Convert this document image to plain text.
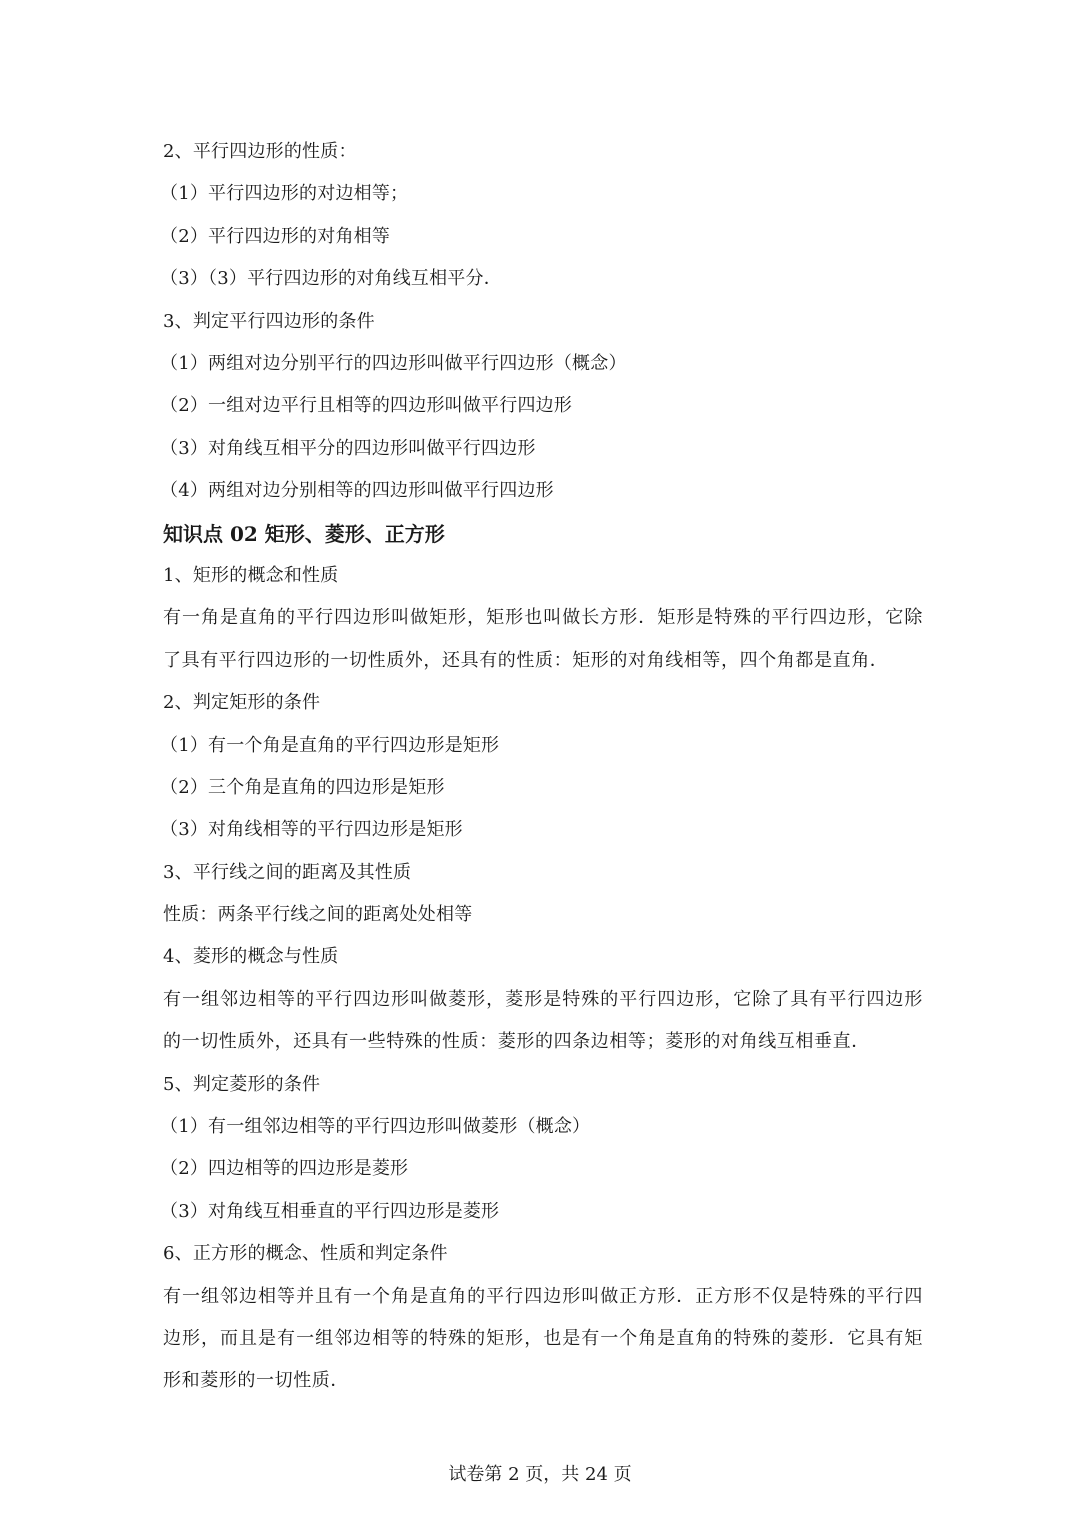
2、平行四边形的性质：
（1）平行四边形的对边相等；
（2）平行四边形的对角相等
（3）（3）平行四边形的对角线互相平分．
3、判定平行四边形的条件
（1）两组对边分别平行的四边形叫做平行四边形（概念）
（2）一组对边平行且相等的四边形叫做平行四边形
（3）对角线互相平分的四边形叫做平行四边形
（4）两组对边分别相等的四边形叫做平行四边形
知识点 02 矩形、菱形、正方形
1、矩形的概念和性质
有一角是直角的平行四边形叫做矩形，矩形也叫做长方形．矩形是特殊的平行四边形，它除了具有平行四边形的一切性质外，还具有的性质：矩形的对角线相等，四个角都是直角．
2、判定矩形的条件
（1）有一个角是直角的平行四边形是矩形
（2）三个角是直角的四边形是矩形
（3）对角线相等的平行四边形是矩形
3、平行线之间的距离及其性质
性质：两条平行线之间的距离处处相等
4、菱形的概念与性质
有一组邻边相等的平行四边形叫做菱形，菱形是特殊的平行四边形，它除了具有平行四边形的一切性质外，还具有一些特殊的性质：菱形的四条边相等；菱形的对角线互相垂直．
5、判定菱形的条件
（1）有一组邻边相等的平行四边形叫做菱形（概念）
（2）四边相等的四边形是菱形
（3）对角线互相垂直的平行四边形是菱形
6、正方形的概念、性质和判定条件
有一组邻边相等并且有一个角是直角的平行四边形叫做正方形．正方形不仅是特殊的平行四边形，而且是有一组邻边相等的特殊的矩形，也是有一个角是直角的特殊的菱形．它具有矩形和菱形的一切性质．
试卷第 2 页，共 24 页
